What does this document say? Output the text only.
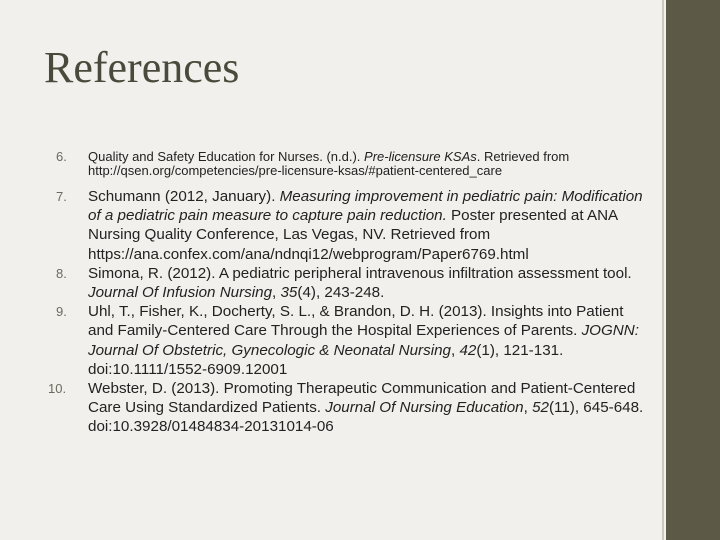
References
6.	Quality and Safety Education for Nurses. (n.d.). Pre-licensure KSAs. Retrieved from http://qsen.org/competencies/pre-licensure-ksas/#patient-centered_care
7.	Schumann (2012, January). Measuring improvement in pediatric pain: Modification of a pediatric pain measure to capture pain reduction. Poster presented at ANA Nursing Quality Conference, Las Vegas, NV. Retrieved from https://ana.confex.com/ana/ndnqi12/webprogram/Paper6769.html
8.	Simona, R. (2012). A pediatric peripheral intravenous infiltration assessment tool. Journal Of Infusion Nursing, 35(4), 243-248.
9.	Uhl, T., Fisher, K., Docherty, S. L., & Brandon, D. H. (2013). Insights into Patient and Family-Centered Care Through the Hospital Experiences of Parents. JOGNN: Journal Of Obstetric, Gynecologic & Neonatal Nursing, 42(1), 121-131. doi:10.1111/1552-6909.12001
10.	Webster, D. (2013). Promoting Therapeutic Communication and Patient-Centered Care Using Standardized Patients. Journal Of Nursing Education, 52(11), 645-648. doi:10.3928/01484834-20131014-06
